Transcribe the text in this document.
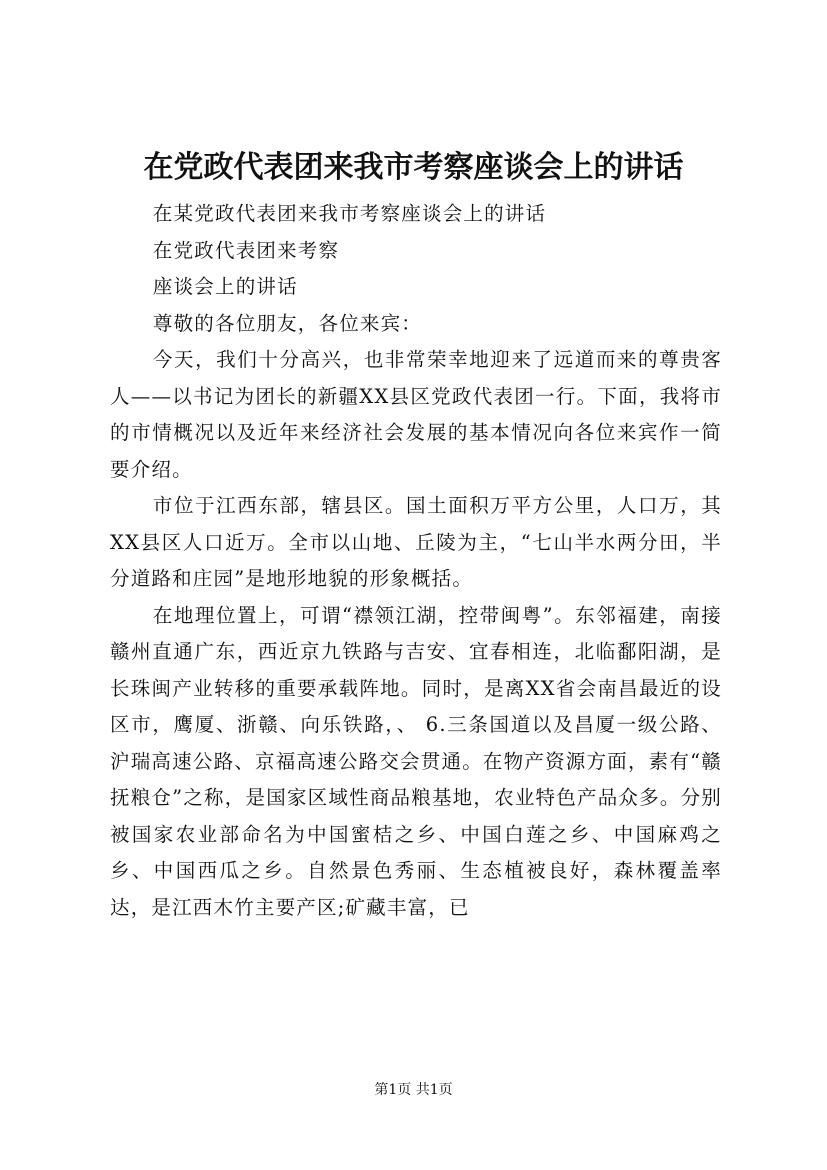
在党政代表团来我市考察座谈会上的讲话

在某党政代表团来我市考察座谈会上的讲话

在党政代表团来考察

座谈会上的讲话

尊敬的各位朋友，各位来宾：

今天，我们十分高兴，也非常荣幸地迎来了远道而来的尊贵客人——以书记为团长的新疆XX县区党政代表团一行。下面，我将市的市情概况以及近年来经济社会发展的基本情况向各位来宾作一简要介绍。

市位于江西东部，辖县区。国土面积万平方公里，人口万，其XX县区人口近万。全市以山地、丘陵为主，“七山半水两分田，半分道路和庄园”是地形地貌的形象概括。

在地理位置上，可谓“襟领江湖，控带闽粤”。东邻福建，南接赣州直通广东，西近京九铁路与吉安、宜春相连，北临鄱阳湖，是长珠闽产业转移的重要承载阵地。同时，是离XX省会南昌最近的设区市，鹰厦、浙赣、向乐铁路，、 6.三条国道以及昌厦一级公路、沪瑞高速公路、京福高速公路交会贯通。在物产资源方面，素有“赣抚粮仓”之称，是国家区域性商品粮基地，农业特色产品众多。分别被国家农业部命名为中国蜜桔之乡、中国白莲之乡、中国麻鸡之乡、中国西瓜之乡。自然景色秀丽、生态植被良好，森林覆盖率达，是江西木竹主要产区;矿藏丰富，已

第1页 共1页
